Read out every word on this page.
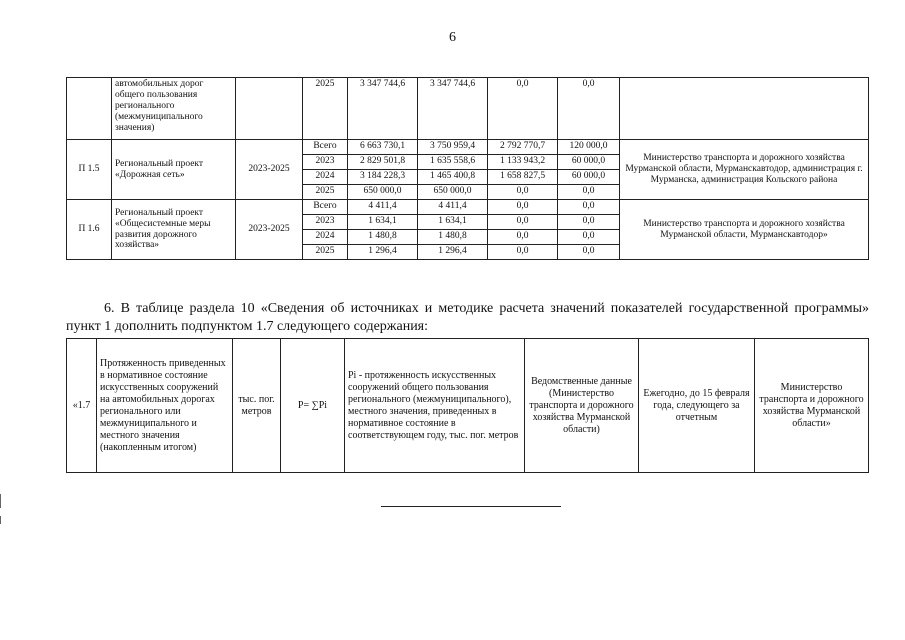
6
	автомобильных дорог общего пользования регионального (межмуниципального значения)		2025	3 347 744,6	3 347 744,6	0,0	0,0	
П 1.5	Региональный проект «Дорожная сеть»	2023-2025	Всего	6 663 730,1	3 750 959,4	2 792 770,7	120 000,0	Министерство транспорта и дорожного хозяйства Мурманской области, Мурманскавтодор, администрация г. Мурманска, администрация Кольского района
			2023	2 829 501,8	1 635 558,6	1 133 943,2	60 000,0	
			2024	3 184 228,3	1 465 400,8	1 658 827,5	60 000,0	
			2025	650 000,0	650 000,0	0,0	0,0	
П 1.6	Региональный проект «Общесистемные меры развития дорожного хозяйства»	2023-2025	Всего	4 411,4	4 411,4	0,0	0,0	Министерство транспорта и дорожного хозяйства Мурманской области, Мурманскавтодор»
			2023	1 634,1	1 634,1	0,0	0,0	
			2024	1 480,8	1 480,8	0,0	0,0	
			2025	1 296,4	1 296,4	0,0	0,0	

6. В таблице раздела 10 «Сведения об источниках и методике расчета значений показателей государственной программы» пункт 1 дополнить подпунктом 1.7 следующего содержания:

«1.7	Протяженность приведенных в нормативное состояние искусственных сооружений на автомобильных дорогах регионального или межмуниципального и местного значения (накопленным итогом)	тыс. пог. метров	P= ∑Pi	Pi - протяженность искусственных сооружений общего пользования регионального (межмуниципального), местного значения, приведенных в нормативное состояние в соответствующем году, тыс. пог. метров	Ведомственные данные (Министерство транспорта и дорожного хозяйства Мурманской области)	Ежегодно, до 15 февраля года, следующего за отчетным	Министерство транспорта и дорожного хозяйства Мурманской области»
